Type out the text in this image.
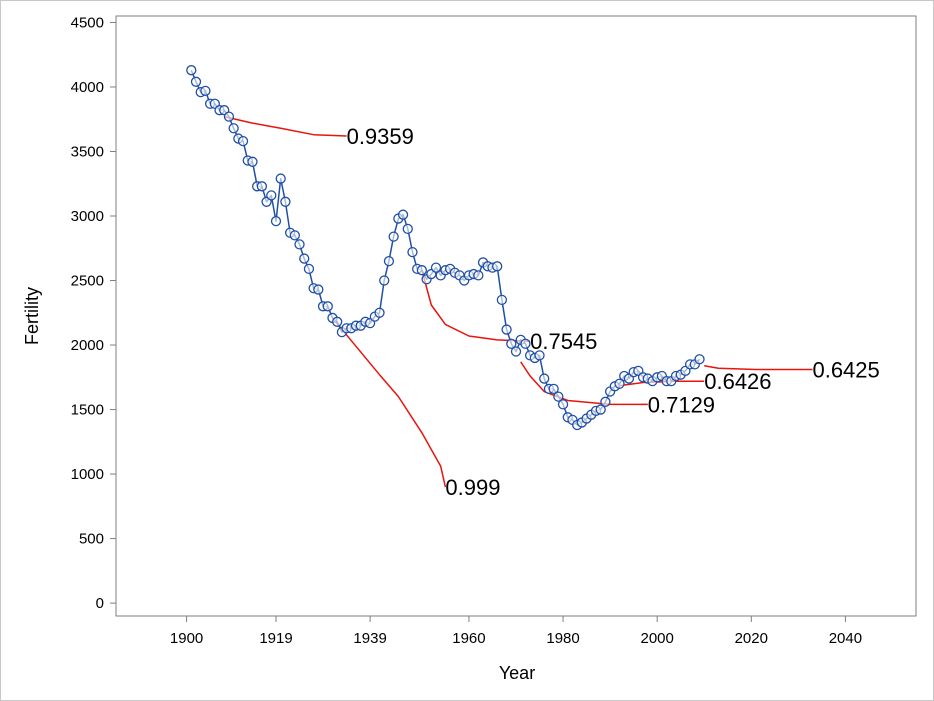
1900	1919	1939	1960	1980	2000	2020	2040
0
500
1000
1500
2000
2500
3000
3500
4000
4500
0.9359
0.999
0.7545
0.7129
0.6426 0.6425
Year
Fertility
